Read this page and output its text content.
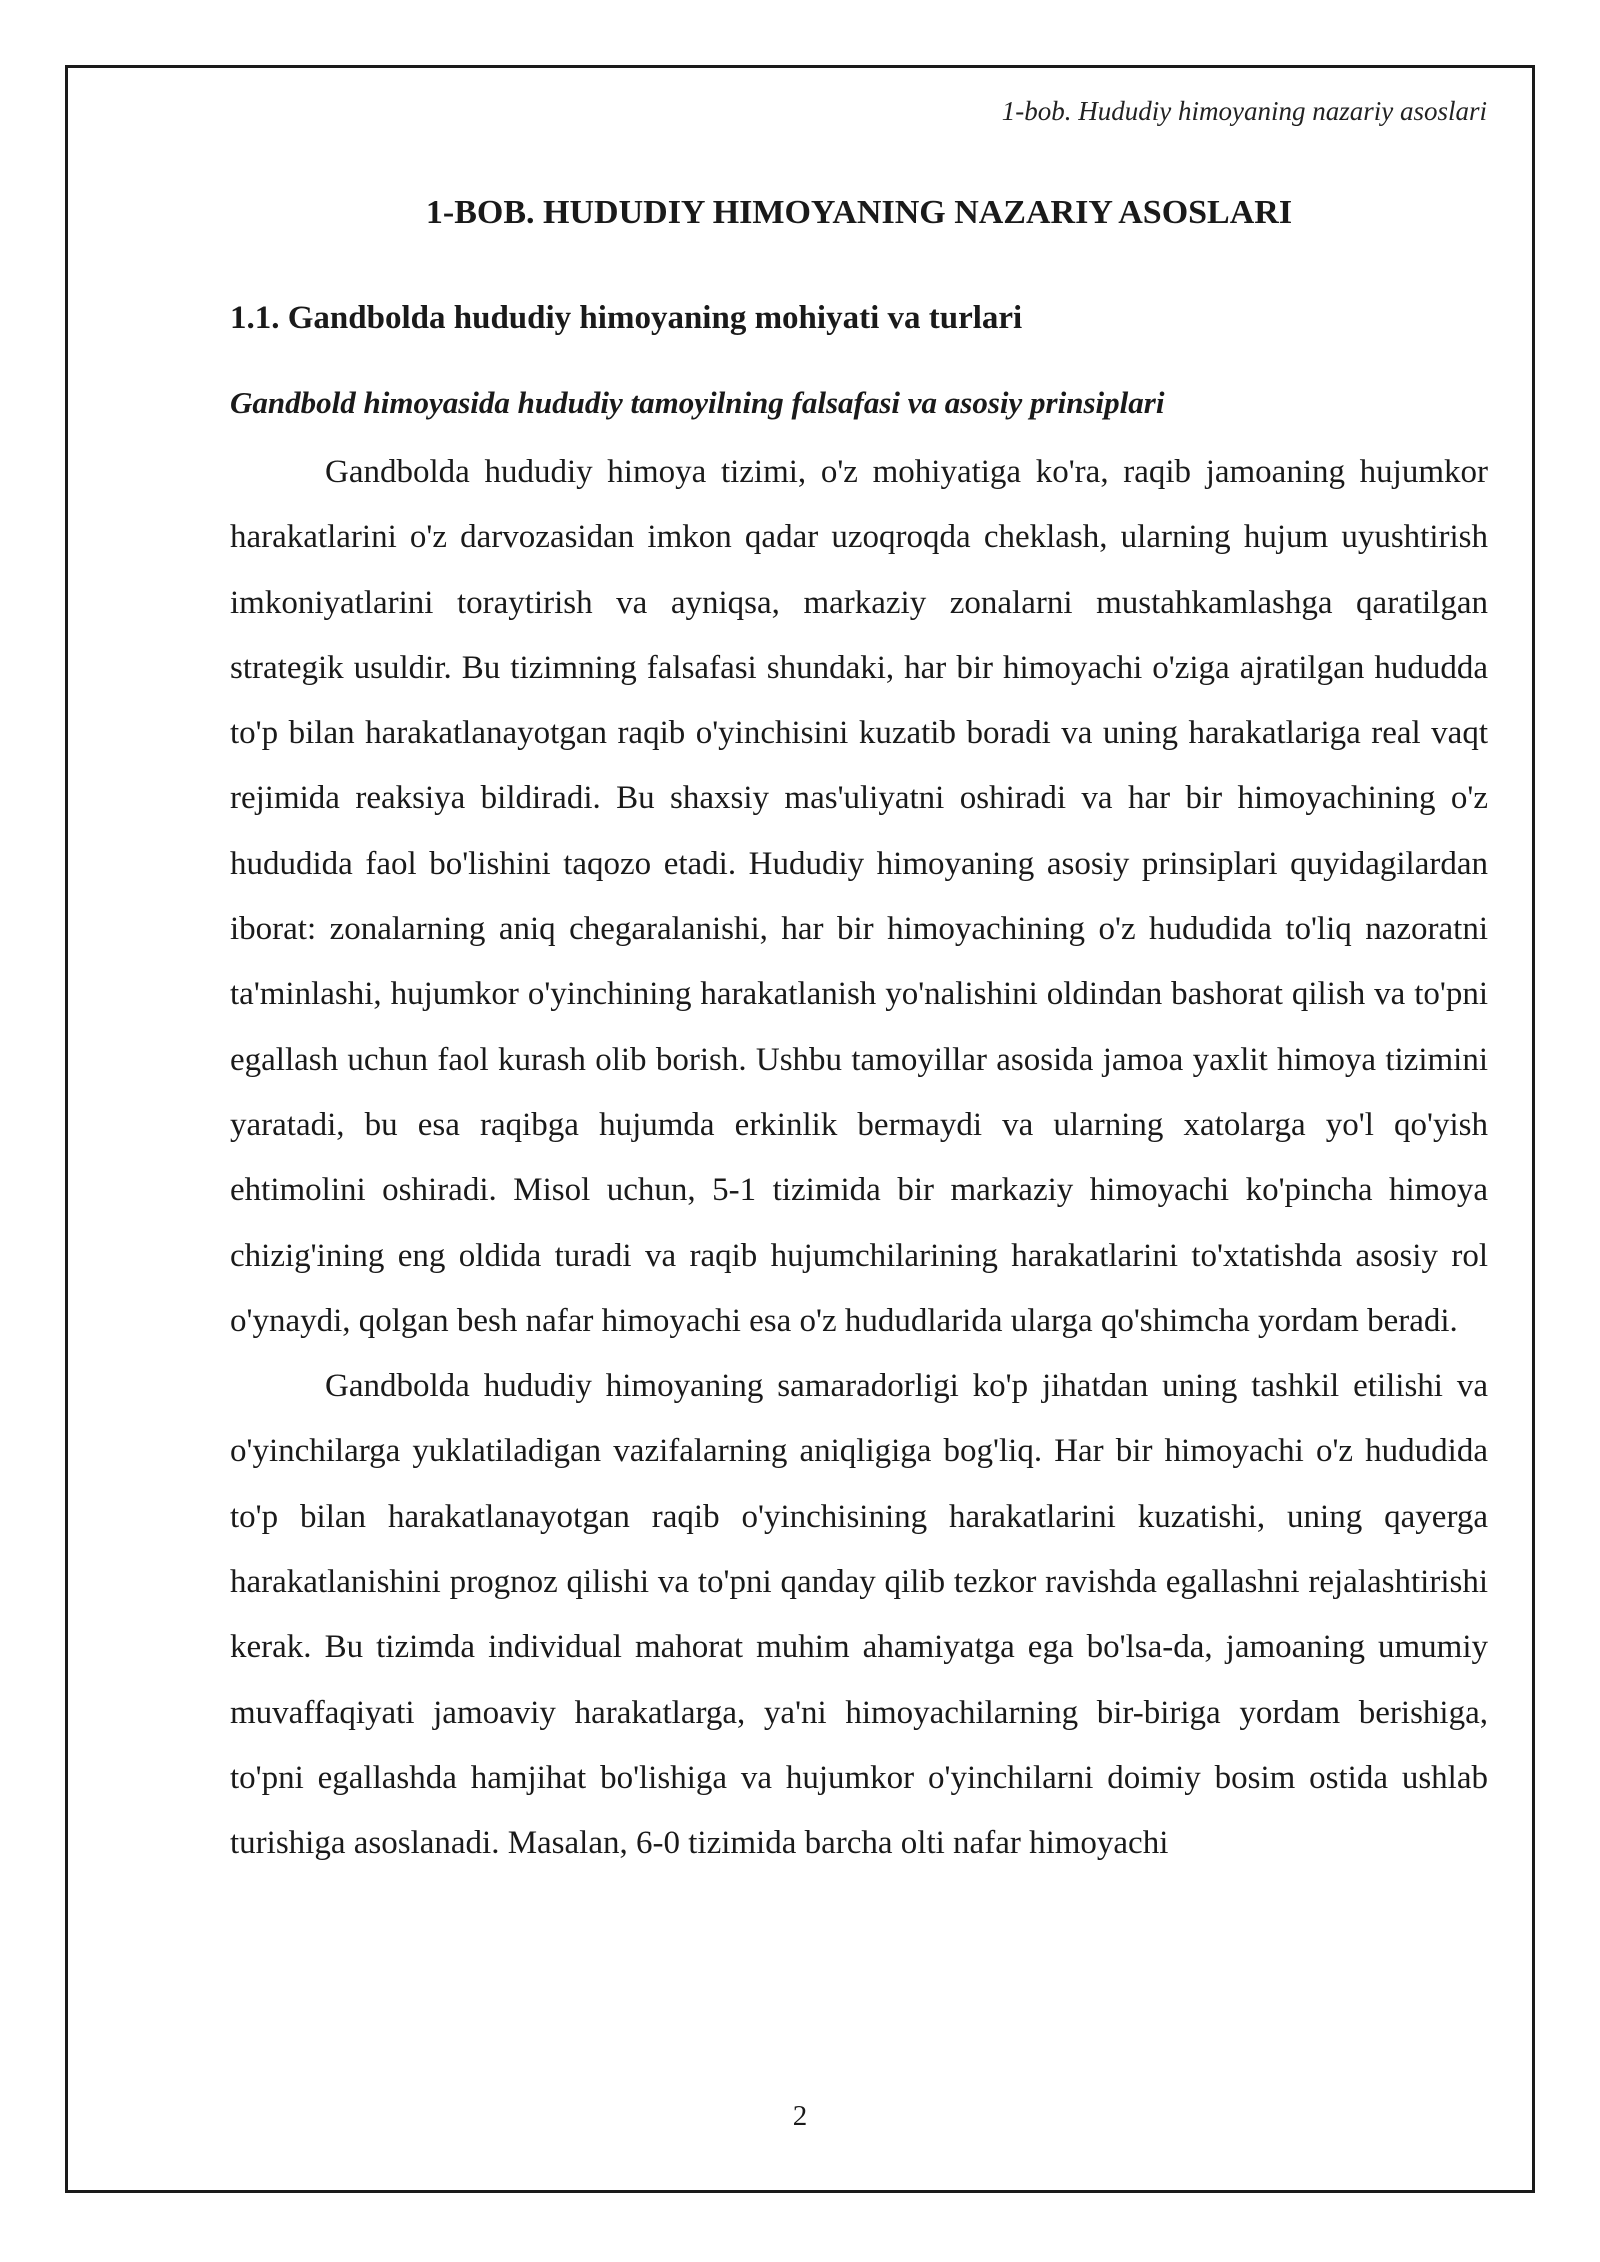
1-bob. Hududiy himoyaning nazariy asoslari
1-BOB. HUDUDIY HIMOYANING NAZARIY ASOSLARI
1.1. Gandbolda hududiy himoyaning mohiyati va turlari
Gandbold himoyasida hududiy tamoyilning falsafasi va asosiy prinsiplari

Gandbolda hududiy himoya tizimi, o'z mohiyatiga ko'ra, raqib jamoaning hujumkor harakatlarini o'z darvozasidan imkon qadar uzoqroqda cheklash, ularning hujum uyushtirish imkoniyatlarini toraytirish va ayniqsa, markaziy zonalarni mustahkamlashga qaratilgan strategik usuldir. Bu tizimning falsafasi shundaki, har bir himoyachi o'ziga ajratilgan hududda to'p bilan harakatlanayotgan raqib o'yinchisini kuzatib boradi va uning harakatlariga real vaqt rejimida reaksiya bildiradi. Bu shaxsiy mas'uliyatni oshiradi va har bir himoyachining o'z hududida faol bo'lishini taqozo etadi. Hududiy himoyaning asosiy prinsiplari quyidagilardan iborat: zonalarning aniq chegaralanishi, har bir himoyachining o'z hududida to'liq nazoratni ta'minlashi, hujumkor o'yinchining harakatlanish yo'nalishini oldindan bashorat qilish va to'pni egallash uchun faol kurash olib borish. Ushbu tamoyillar asosida jamoa yaxlit himoya tizimini yaratadi, bu esa raqibga hujumda erkinlik bermaydi va ularning xatolarga yo'l qo'yish ehtimolini oshiradi. Misol uchun, 5-1 tizimida bir markaziy himoyachi ko'pincha himoya chizig'ining eng oldida turadi va raqib hujumchilarining harakatlarini to'xtatishda asosiy rol o'ynaydi, qolgan besh nafar himoyachi esa o'z hududlarida ularga qo'shimcha yordam beradi.

Gandbolda hududiy himoyaning samaradorligi ko'p jihatdan uning tashkil etilishi va o'yinchilarga yuklatiladigan vazifalarning aniqligiga bog'liq. Har bir himoyachi o'z hududida to'p bilan harakatlanayotgan raqib o'yinchisining harakatlarini kuzatishi, uning qayerga harakatlanishini prognoz qilishi va to'pni qanday qilib tezkor ravishda egallashni rejalashtirishi kerak. Bu tizimda individual mahorat muhim ahamiyatga ega bo'lsa-da, jamoaning umumiy muvaffaqiyati jamoaviy harakatlarga, ya'ni himoyachilarning bir-biriga yordam berishiga, to'pni egallashda hamjihat bo'lishiga va hujumkor o'yinchilarni doimiy bosim ostida ushlab turishiga asoslanadi. Masalan, 6-0 tizimida barcha olti nafar himoyachi

2
